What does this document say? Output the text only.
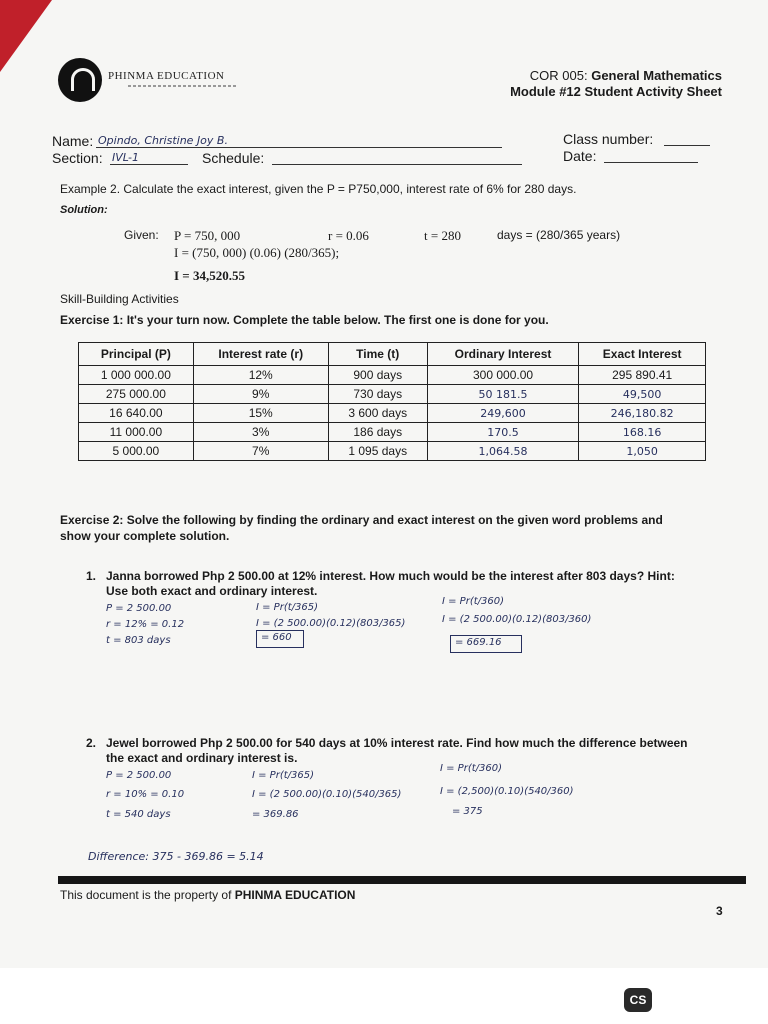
PHINMA EDUCATION	COR 005: General Mathematics
Module #12 Student Activity Sheet
Name: Opindo, Christine Joy B.
Section: IVL-1	Schedule:
Class number:
Date:
Example 2. Calculate the exact interest, given the P = P750,000, interest rate of 6% for 280 days.
Solution:
Given: P = 750, 000	r = 0.06	t = 280	days = (280/365 years)
I = (750, 000) (0.06) (280/365);
I = 34,520.55
Skill-Building Activities
Exercise 1: It's your turn now. Complete the table below. The first one is done for you.
Principal (P)	Interest rate (r)	Time (t)	Ordinary Interest	Exact Interest
1 000 000.00	12%	900 days	300 000.00	295 890.41
275 000.00	9%	730 days	50 181.5	49,500
16 640.00	15%	3 600 days	249,600	246,180.82
11 000.00	3%	186 days	170.5	168.16
5 000.00	7%	1 095 days	1,064.58	1,050
Exercise 2: Solve the following by finding the ordinary and exact interest on the given word problems and
show your complete solution.
1. Janna borrowed Php 2 500.00 at 12% interest. How much would be the interest after 803 days? Hint:
Use both exact and ordinary interest.
P = 2 500.00
r = 12% = 0.12
t = 803 days
I = Pr(t/365)
I = (2 500.00)(0.12)(803/365)
= 660
I = Pr(t/360)
I = (2 500.00)(0.12)(803/360)
= 669.16
2. Jewel borrowed Php 2 500.00 for 540 days at 10% interest rate. Find how much the difference between
the exact and ordinary interest is.
P = 2 500.00
r = 10% = 0.10
t = 540 days
I = Pr(t/365)
I = (2 500.00)(0.10)(540/365)
= 369.86
I = Pr(t/360)
I = (2,500)(0.10)(540/360)
= 375
Difference: 375 - 369.86 = 5.14
This document is the property of PHINMA EDUCATION
3
CS
